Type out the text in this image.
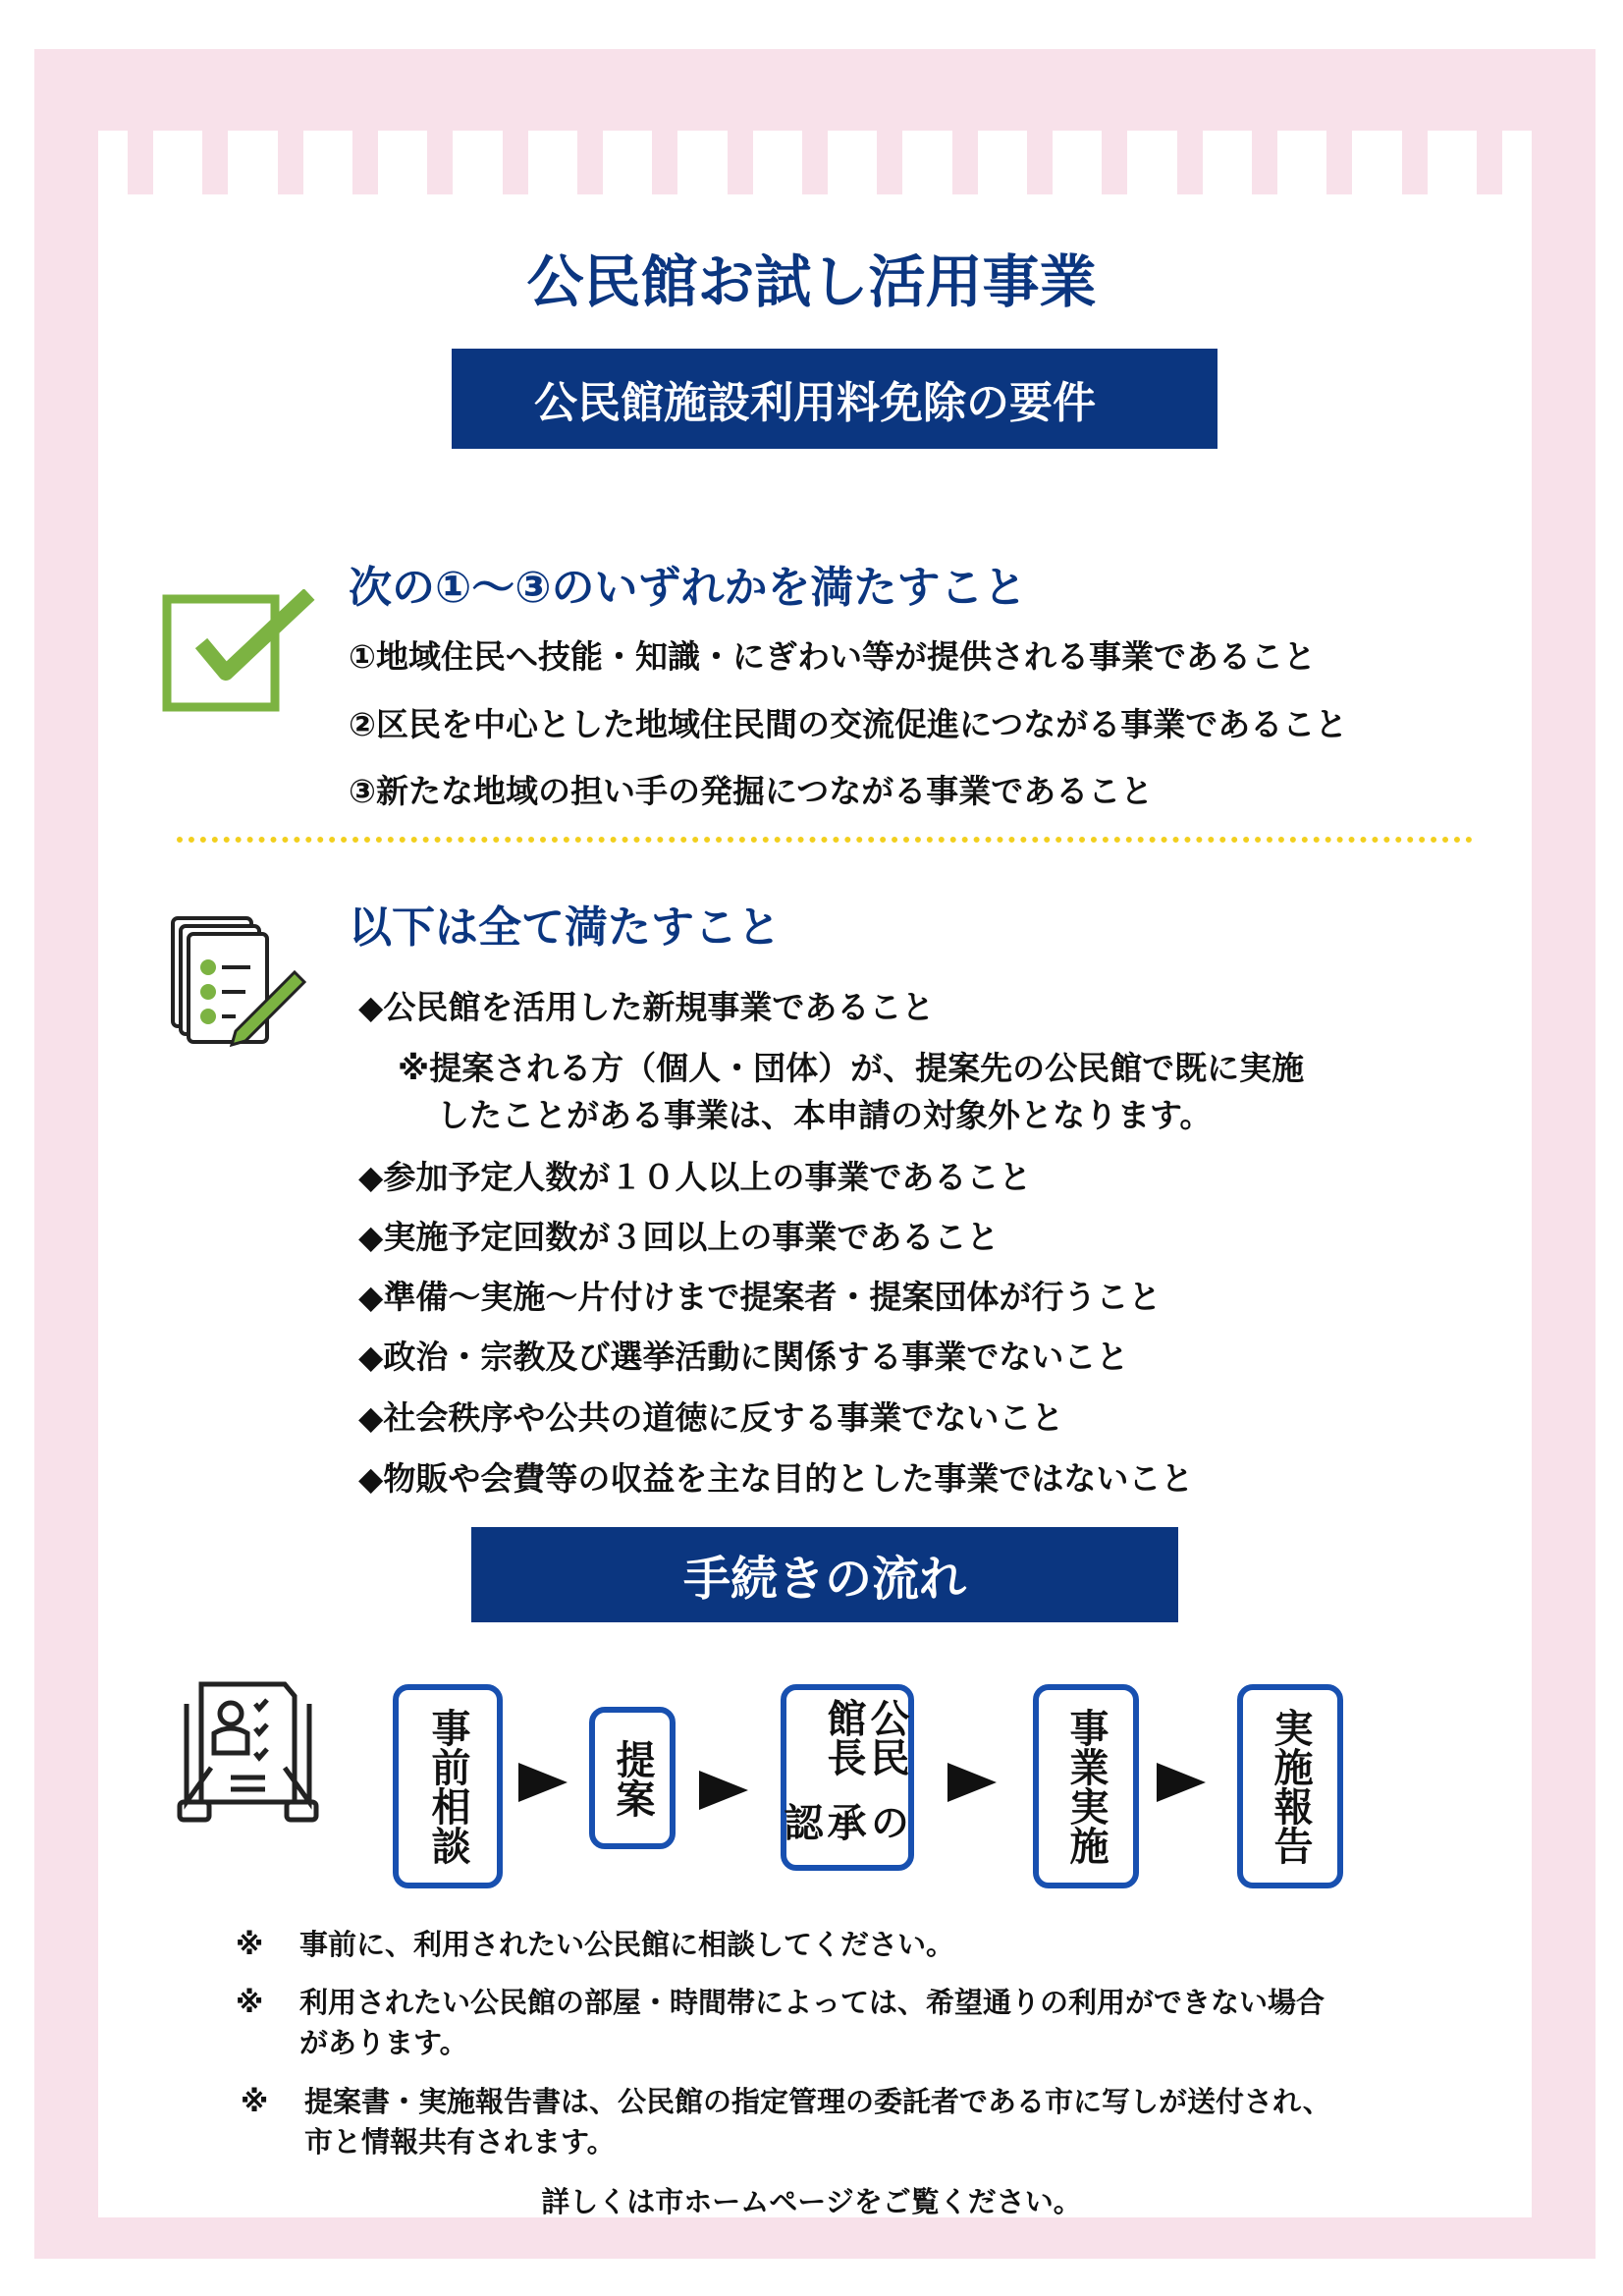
公民館お試し活用事業
公民館施設利用料免除の要件
次の①～③のいずれかを満たすこと
①地域住民へ技能・知識・にぎわい等が提供される事業であること
②区民を中心とした地域住民間の交流促進につながる事業であること
③新たな地域の担い手の発掘につながる事業であること
以下は全て満たすこと
◆公民館を活用した新規事業であること
※提案される方（個人・団体）が、提案先の公民館で既に実施
したことがある事業は、本申請の対象外となります。
◆参加予定人数が１０人以上の事業であること
◆実施予定回数が３回以上の事業であること
◆準備～実施～片付けまで提案者・提案団体が行うこと
◆政治・宗教及び選挙活動に関係する事業でないこと
◆社会秩序や公共の道徳に反する事業でないこと
◆物販や会費等の収益を主な目的とした事業ではないこと
手続きの流れ
事前相談	提案
公民館長
の承認	事業実施	実施報告
※ 事前に、利用されたい公民館に相談してください。
※ 利用されたい公民館の部屋・時間帯によっては、希望通りの利用ができない場合
があります。
※ 提案書・実施報告書は、公民館の指定管理の委託者である市に写しが送付され、
市と情報共有されます。
詳しくは市ホームページをご覧ください。
